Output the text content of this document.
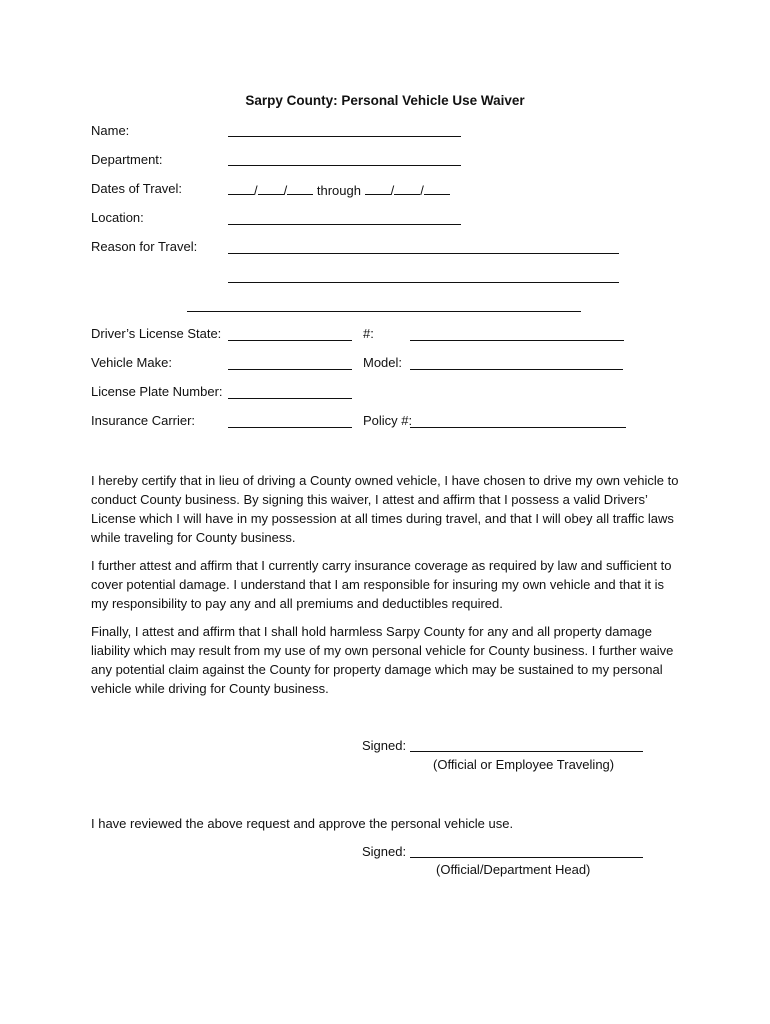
Sarpy County: Personal Vehicle Use Waiver
Name:
Department:
Dates of Travel:	/ / through / /
Location:
Reason for Travel:
Driver’s License State:	#:
Vehicle Make:	Model:
License Plate Number:
Insurance Carrier:	Policy #:

I hereby certify that in lieu of driving a County owned vehicle, I have chosen to drive my own vehicle to conduct County business. By signing this waiver, I attest and affirm that I possess a valid Drivers’ License which I will have in my possession at all times during travel, and that I will obey all traffic laws while traveling for County business.

I further attest and affirm that I currently carry insurance coverage as required by law and sufficient to cover potential damage. I understand that I am responsible for insuring my own vehicle and that it is my responsibility to pay any and all premiums and deductibles required.

Finally, I attest and affirm that I shall hold harmless Sarpy County for any and all property damage liability which may result from my use of my own personal vehicle for County business. I further waive any potential claim against the County for property damage which may be sustained to my personal vehicle while driving for County business.

Signed:
(Official or Employee Traveling)
I have reviewed the above request and approve the personal vehicle use.
Signed:
(Official/Department Head)
